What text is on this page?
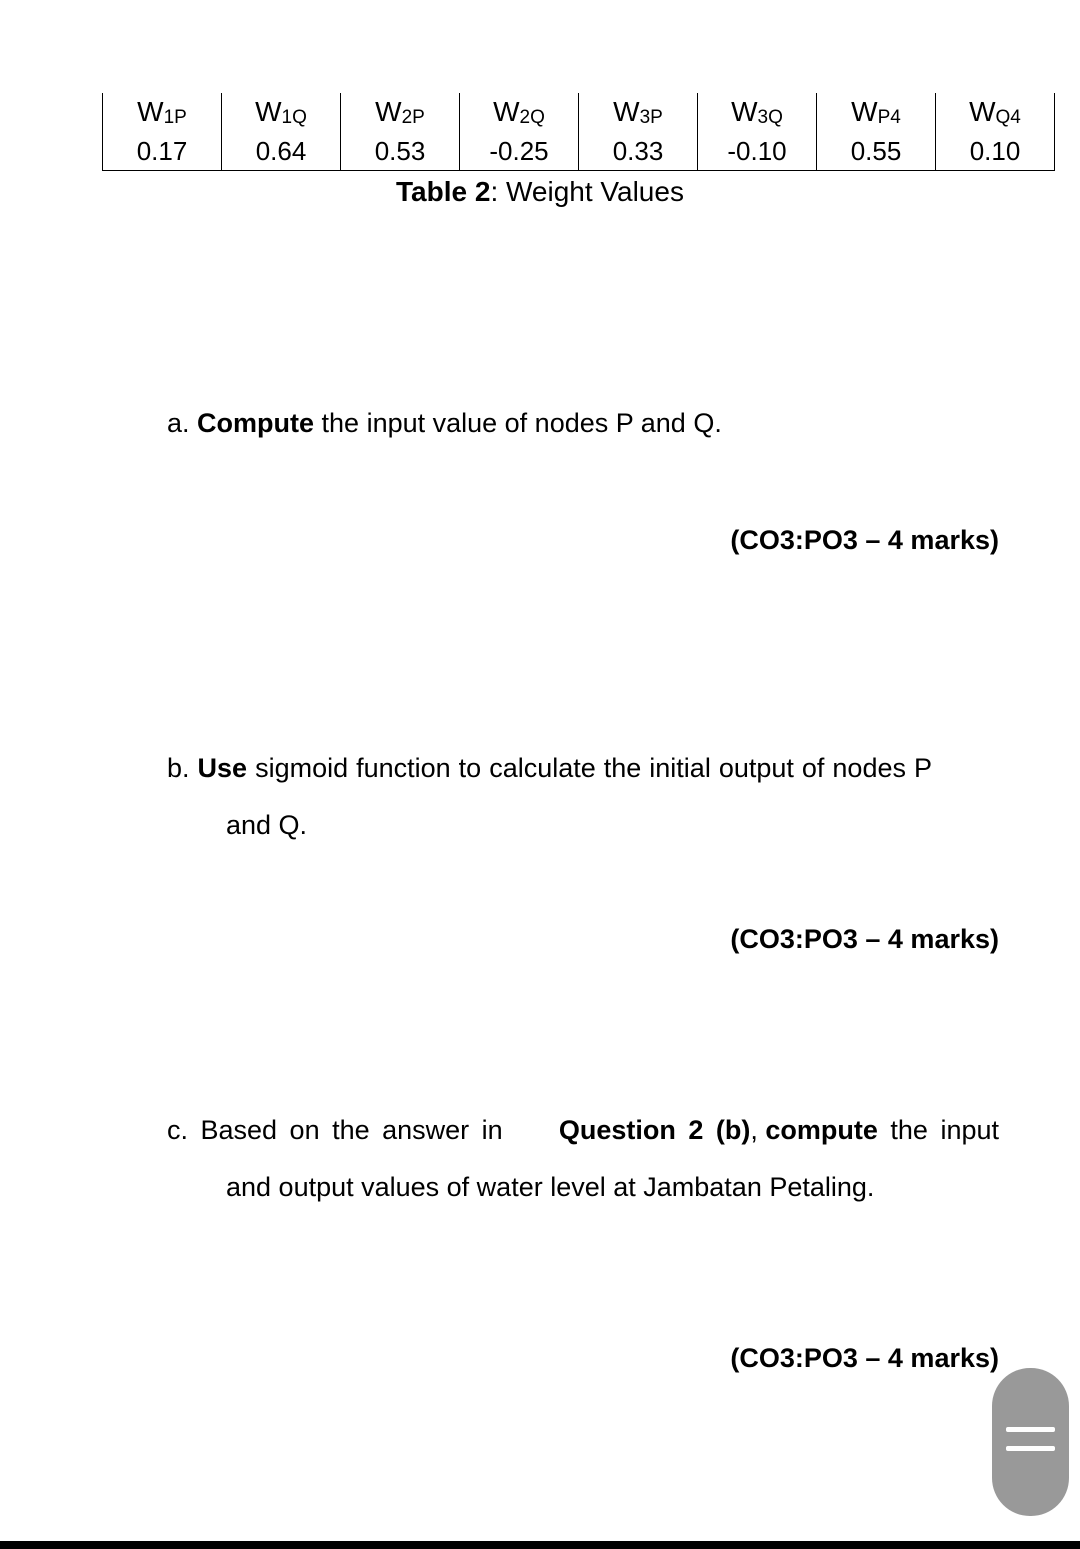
$W_{1P}$	$W_{1Q}$	$W_{2P}$	$W_{2Q}$	$W_{3P}$	$W_{3Q}$	$W_{P4}$	$W_{Q4}$
0.17	0.64	0.53	-0.25	0.33	-0.10	0.55	0.10
Table 2: Weight Values
a. Compute the input value of nodes P and Q.
(CO3:PO3 – 4 marks)
b. Use sigmoid function to calculate the initial output of nodes P
and Q.
(CO3:PO3 – 4 marks)
c. Based on the answer in Question 2 (b) , compute the input
and output values of water level at Jambatan Petaling.
(CO3:PO3 – 4 marks)
